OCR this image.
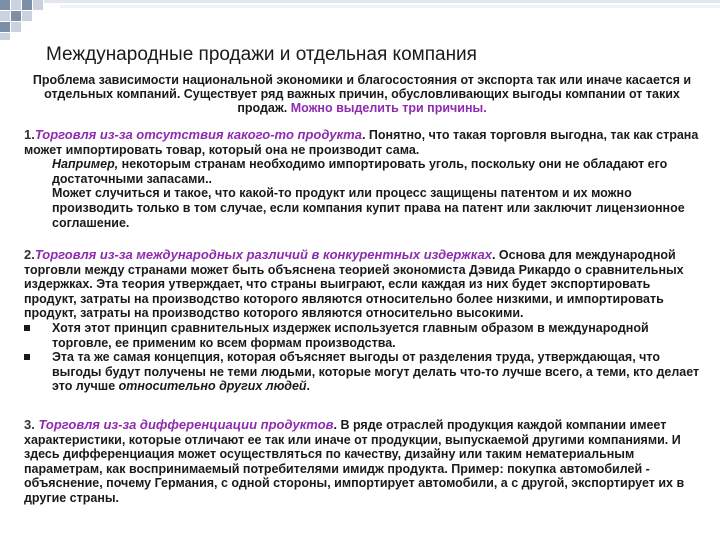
Международные продажи и отдельная компания
Проблема зависимости национальной экономики и благосостояния от экспорта так или иначе касается и отдельных компаний. Существует ряд важных причин, обусловливающих выгоды компании от таких продаж. Можно выделить три причины.
1.Торговля из-за отсутствия какого-то продукта. Понятно, что такая торговля выгодна, так как страна может импортировать товар, который она не производит сама.
Например, некоторым странам необходимо импортировать уголь, поскольку они не обладают его достаточными запасами..
Может случиться и такое, что какой-то продукт или процесс защищены патентом и их можно производить только в том случае, если компания купит права на патент или заключит лицензионное соглашение.
2.Торговля из-за международных различий в конкурентных издержках. Основа для международной торговли между странами может быть объяснена теорией экономиста Дэвида Рикардо о сравнительных издержках. Эта теория утверждает, что страны выиграют, если каждая из них будет экспортировать продукт, затраты на производство которого являются относительно более низкими, и импортировать продукт, затраты на производство которого являются относительно высокими.
Хотя этот принцип сравнительных издержек используется главным образом в международной торговле, ее применим ко всем формам производства.
Эта та же самая концепция, которая объясняет выгоды от разделения труда, утверждающая, что выгоды будут получены не теми людьми, которые могут делать что-то лучше всего, а теми, кто делает это лучше относительно других людей.
3. Торговля из-за дифференциации продуктов. В ряде отраслей продукция каждой компании имеет характеристики, которые отличают ее так или иначе от продукции, выпускаемой другими компаниями. И здесь дифференциация может осуществляться по качеству, дизайну или таким нематериальным параметрам, как воспринимаемый потребителями имидж продукта. Пример: покупка автомобилей - объяснение, почему Германия, с одной стороны, импортирует автомобили, а с другой, экспортирует их в другие страны.
